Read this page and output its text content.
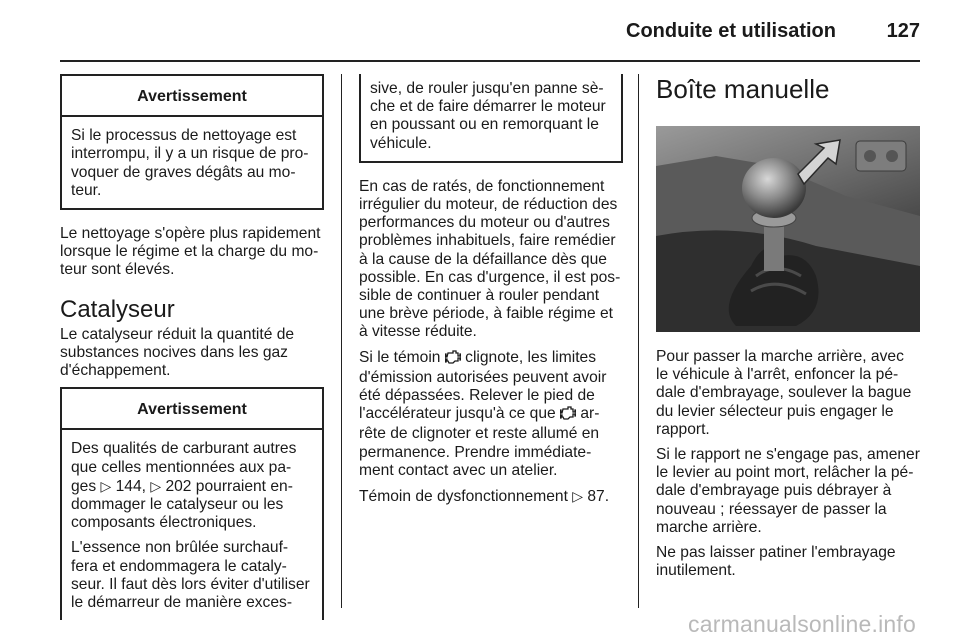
Conduite et utilisation	127
Avertissement

Si le processus de nettoyage est interrompu, il y a un risque de pro-voquer de graves dégâts au mo-teur.

Le nettoyage s'opère plus rapidement lorsque le régime et la charge du mo-teur sont élevés.

Catalyseur

Le catalyseur réduit la quantité de substances nocives dans les gaz d'échappement.

Avertissement

Des qualités de carburant autres que celles mentionnées aux pa-ges ▷ 144, ▷ 202 pourraient en-dommager le catalyseur ou les composants électroniques.

L'essence non brûlée surchauf-fera et endommagera le cataly-seur. Il faut dès lors éviter d'utiliser le démarreur de manière exces-

sive, de rouler jusqu'en panne sè-che et de faire démarrer le moteur en poussant ou en remorquant le véhicule.

En cas de ratés, de fonctionnement irrégulier du moteur, de réduction des performances du moteur ou d'autres problèmes inhabituels, faire remédier à la cause de la défaillance dès que possible. En cas d'urgence, il est pos-sible de continuer à rouler pendant une brève période, à faible régime et à vitesse réduite.

Si le témoin  clignote, les limites d'émission autorisées peuvent avoir été dépassées. Relever le pied de l'accélérateur jusqu'à ce que  ar-rête de clignoter et reste allumé en permanence. Prendre immédiate-ment contact avec un atelier.

Témoin de dysfonctionnement ▷ 87.

Boîte manuelle

Pour passer la marche arrière, avec le véhicule à l'arrêt, enfoncer la pé-dale d'embrayage, soulever la bague du levier sélecteur puis engager le rapport.

Si le rapport ne s'engage pas, amener le levier au point mort, relâcher la pé-dale d'embrayage puis débrayer à nouveau ; réessayer de passer la marche arrière.

Ne pas laisser patiner l'embrayage inutilement.

carmanualsonline.info
